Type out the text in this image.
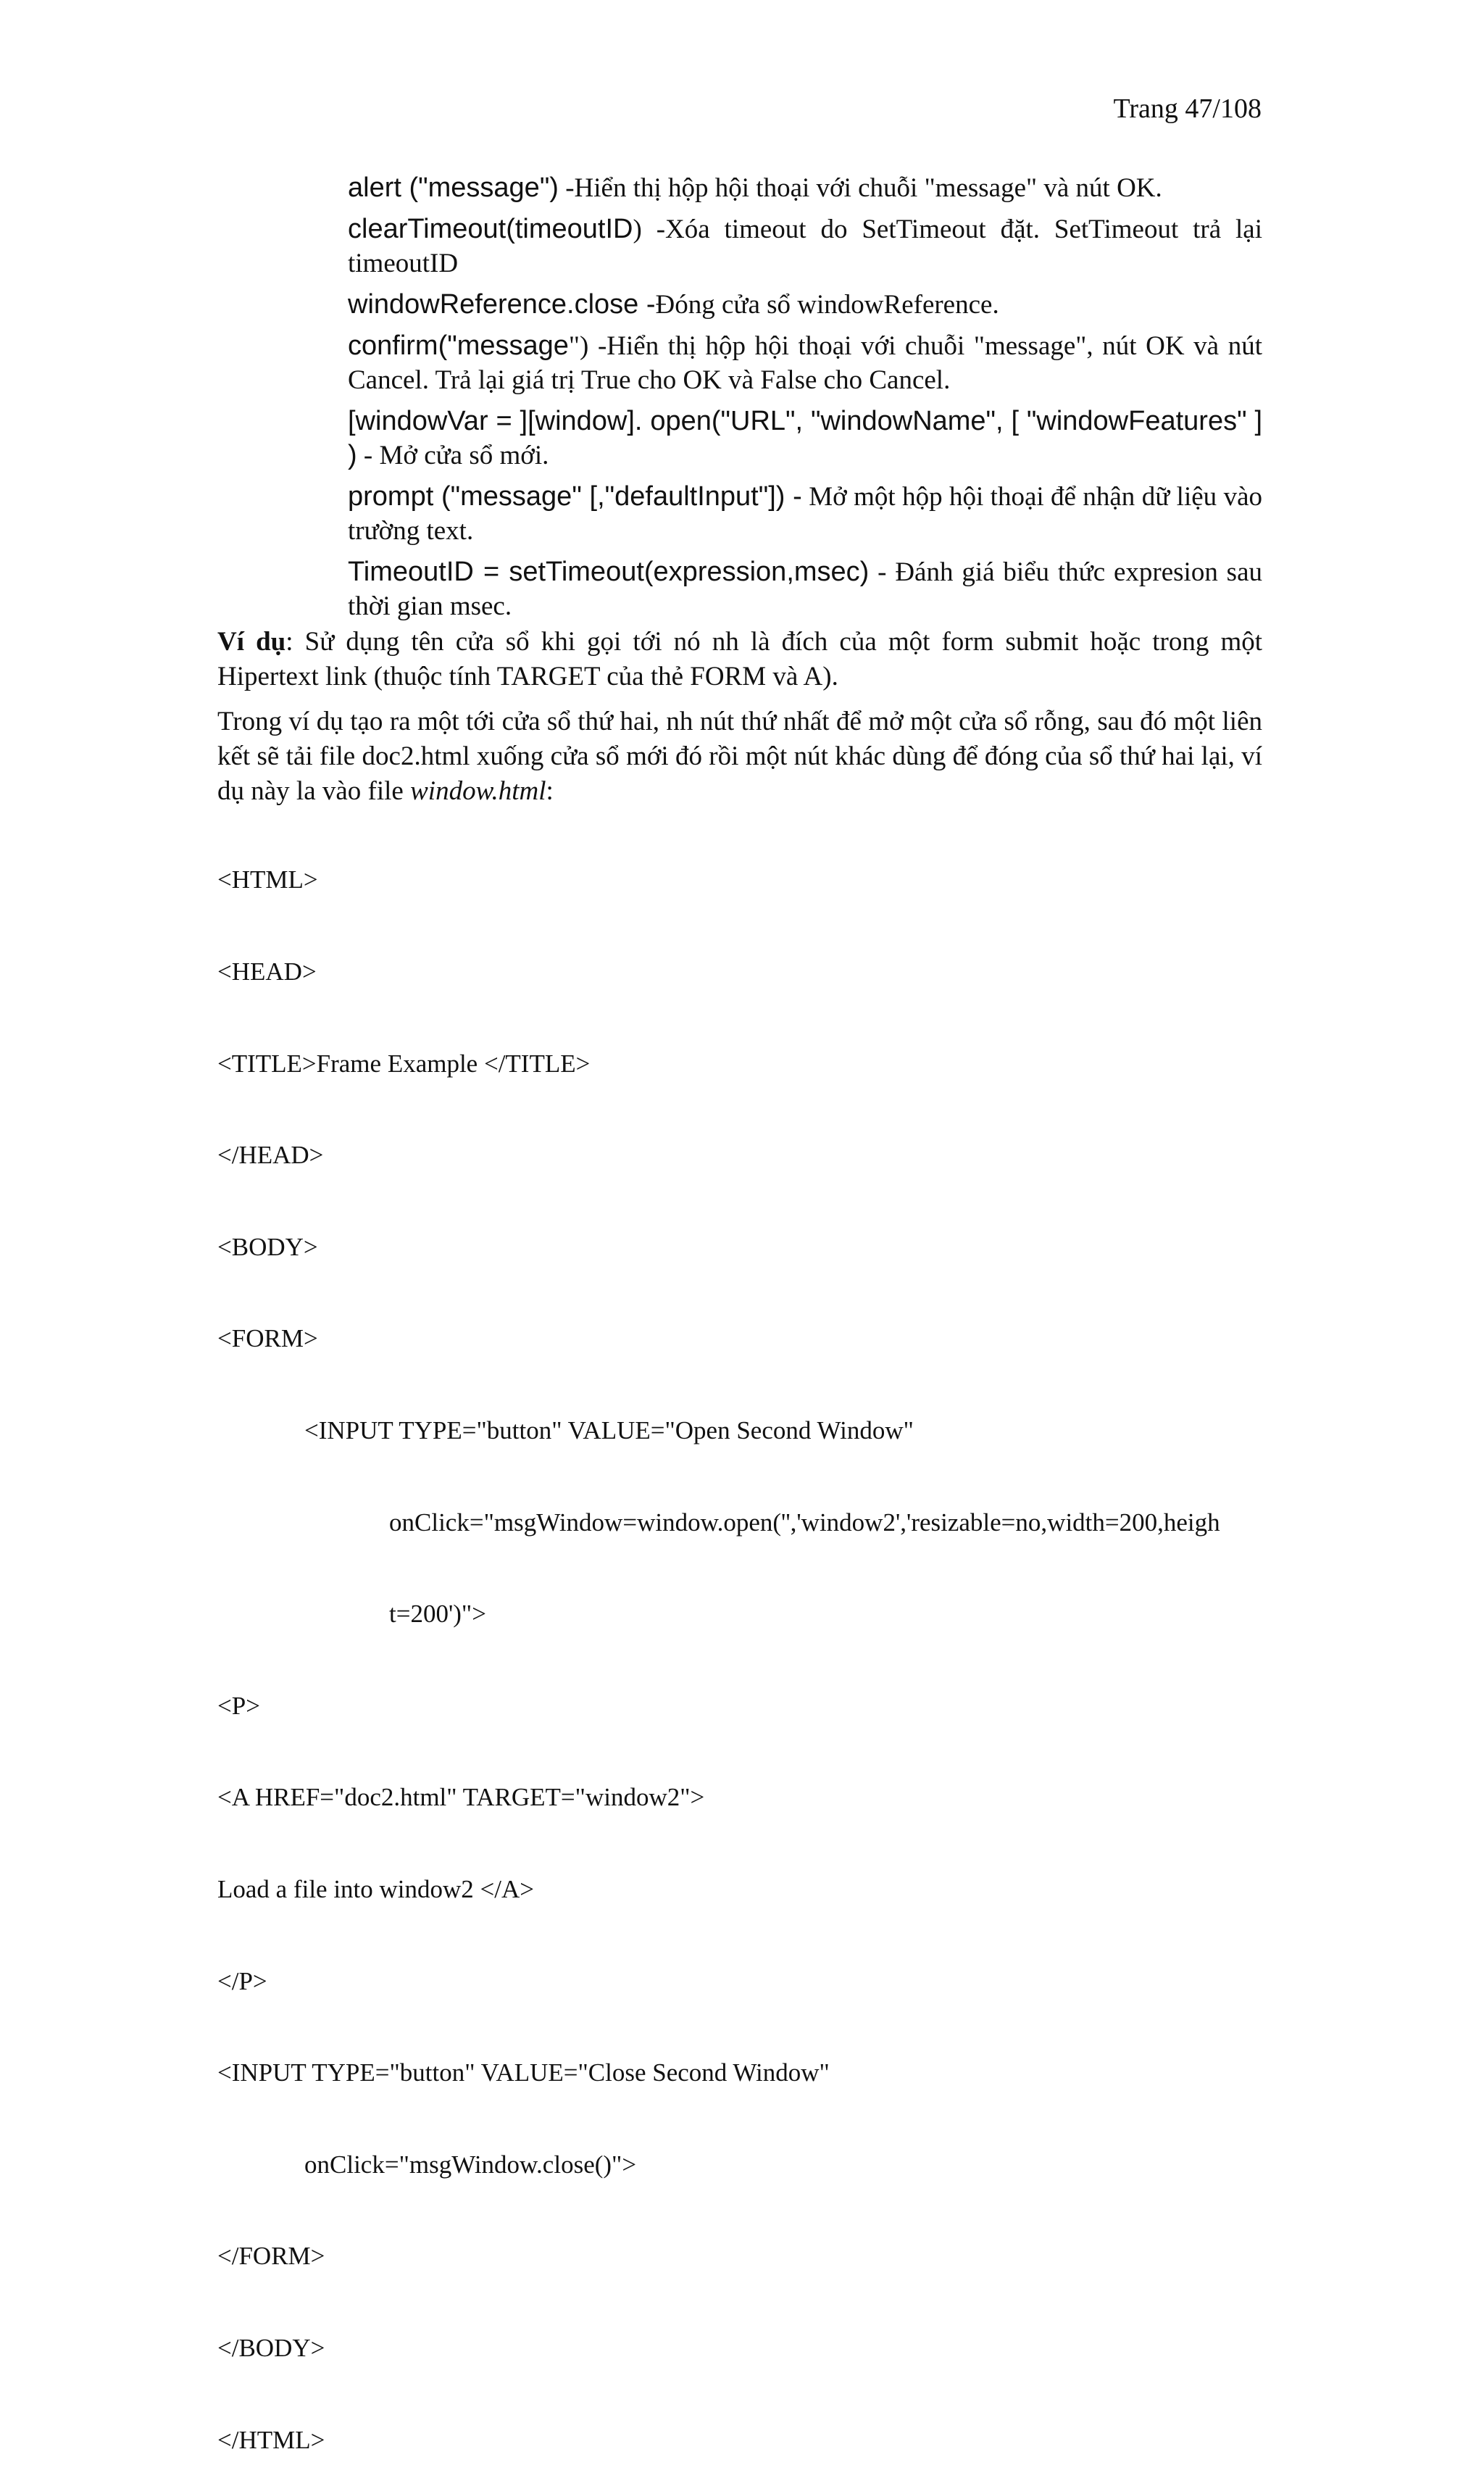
Trang 47/108
alert ("message") -Hiển thị hộp hội thoại với chuỗi "message" và nút OK.
clearTimeout(timeoutID) -Xóa timeout do SetTimeout đặt. SetTimeout trả lại timeoutID
windowReference.close -Đóng cửa sổ windowReference.
confirm("message") -Hiển thị hộp hội thoại với chuỗi "message", nút OK và nút Cancel. Trả lại giá trị True cho OK và False cho Cancel.
[windowVar = ][window]. open("URL", "windowName", [ "windowFeatures" ] ) - Mở cửa sổ mới.
prompt ("message" [,"defaultInput"]) - Mở một hộp hội thoại để nhận dữ liệu vào trường text.
TimeoutID = setTimeout(expression,msec) - Đánh giá biểu thức expresion sau thời gian msec.

Ví dụ: Sử dụng tên cửa sổ khi gọi tới nó nh là đích của một form submit hoặc trong một Hipertext link (thuộc tính TARGET của thẻ FORM và A).

Trong ví dụ tạo ra một tới cửa sổ thứ hai, nh nút thứ nhất để mở một cửa sổ rỗng, sau đó một liên kết sẽ tải file doc2.html xuống cửa sổ mới đó rồi một nút khác dùng để đóng của sổ thứ hai lại, ví dụ này la vào file window.html:

<HTML>

<HEAD>

<TITLE>Frame Example </TITLE>

</HEAD>

<BODY>

<FORM>

<INPUT TYPE="button" VALUE="Open Second Window"

onClick="msgWindow=window.open('','window2','resizable=no,width=200,heigh

t=200')">

<P>

<A HREF="doc2.html" TARGET="window2">

Load a file into window2 </A>

</P>

<INPUT TYPE="button" VALUE="Close Second Window"

onClick="msgWindow.close()">

</FORM>

</BODY>

</HTML>
